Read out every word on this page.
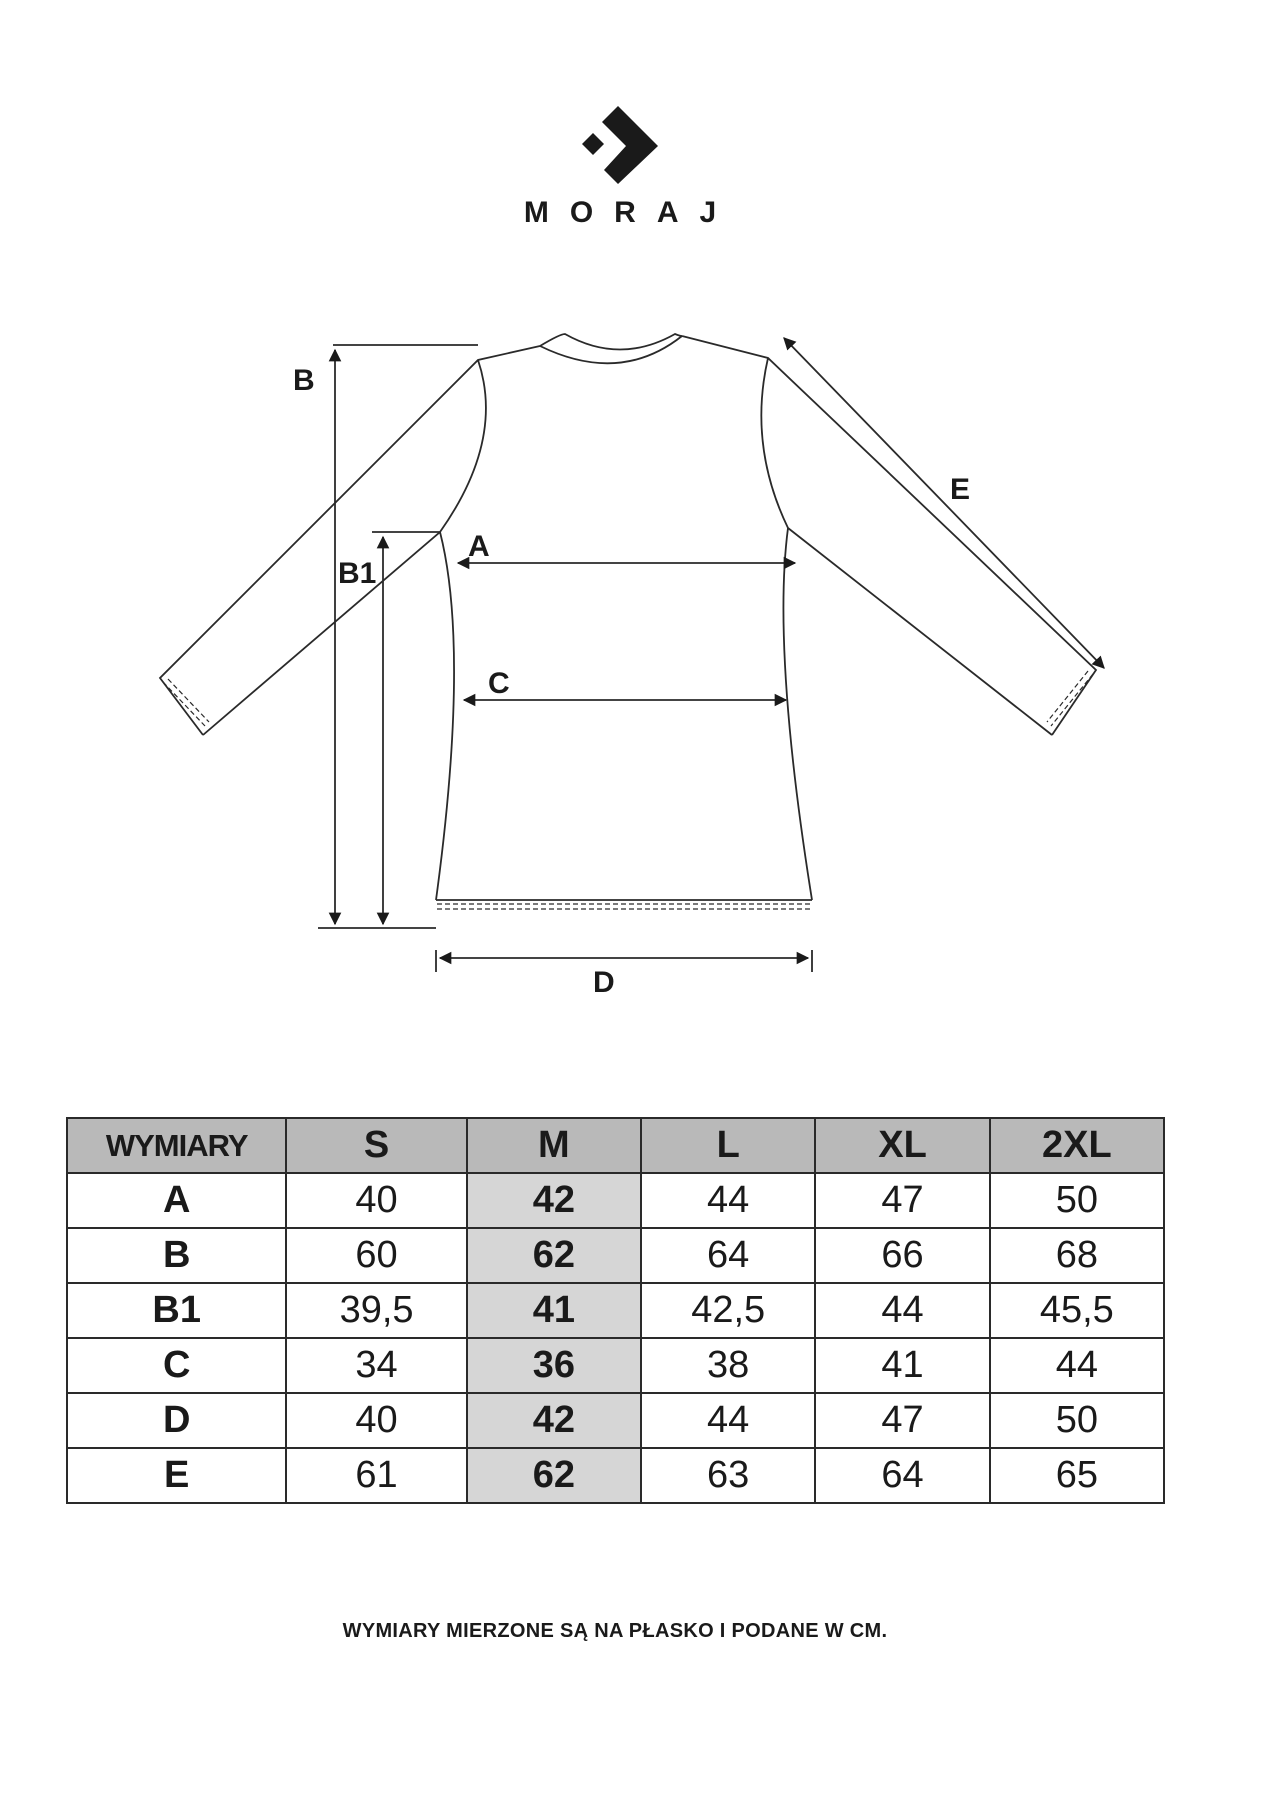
MORAJ
B
B1
A
C
D
E
WYMIARY	S	M	L	XL	2XL
A	40	42	44	47	50
B	60	62	64	66	68
B1	39,5	41	42,5	44	45,5
C	34	36	38	41	44
D	40	42	44	47	50
E	61	62	63	64	65
WYMIARY MIERZONE SĄ NA PŁASKO I PODANE W CM.
